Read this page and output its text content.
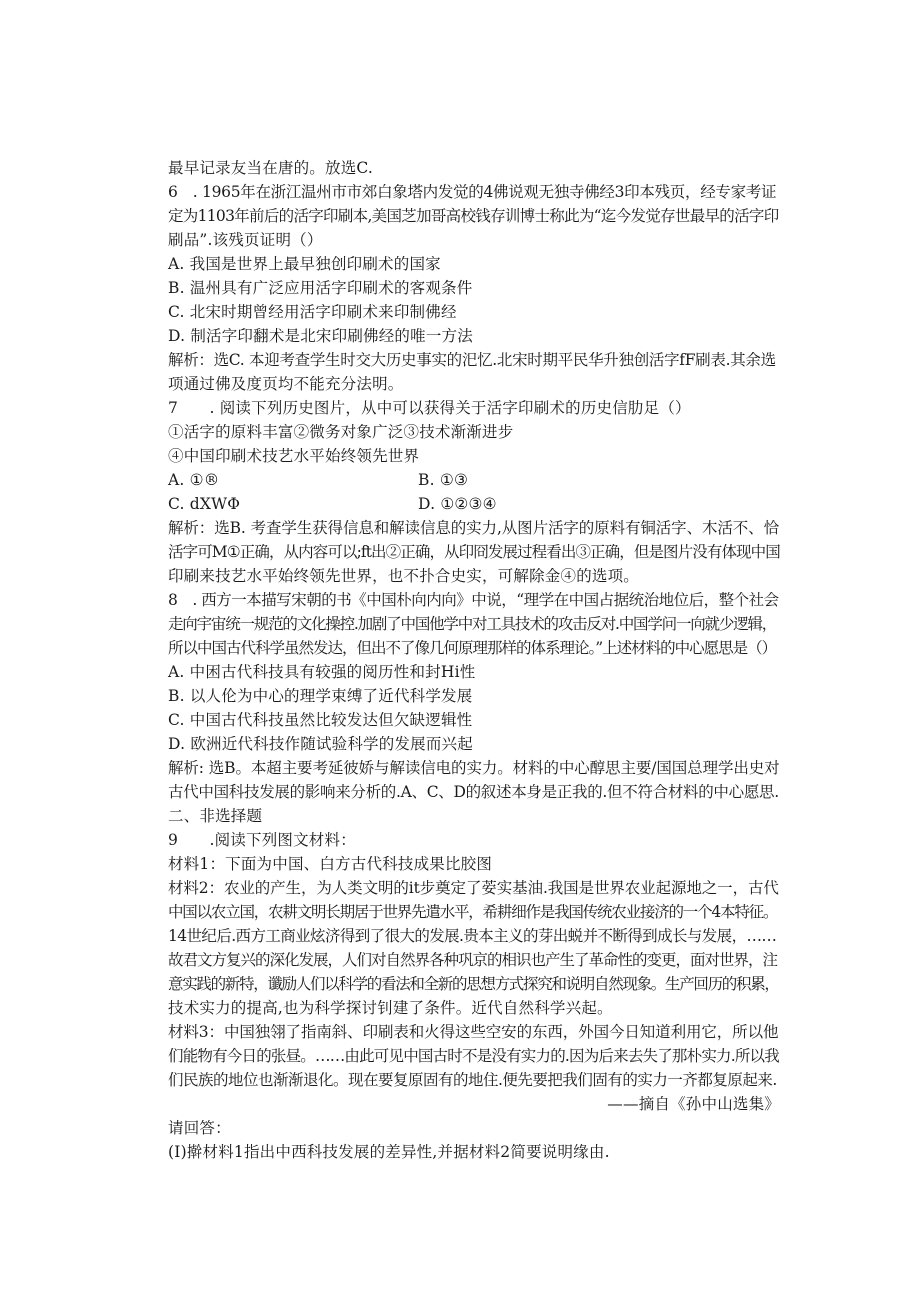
最早记录友当在唐的。放选C.
6　. 1965年在浙江温州市市郊白象塔内发觉的4佛说观无独寺佛经3印本残页，经专家考证
定为1103年前后的活字印刷本,美国芝加哥高校钱存训博士称此为“迄今发觉存世最早的活字印
刷品”.该残页证明（）
A. 我国是世界上最早独创印刷术的国家
B. 温州具有广泛应用活字印刷术的客观条件
C. 北宋时期曾经用活字印刷术来印制佛经
D. 制活字印翻术是北宋印刷佛经的唯一方法
解析：选C. 本迎考查学生时交大历史事实的汜忆.北宋时期平民华升独创活字fF刷表.其余选
项通过佛及度页均不能充分法明。
7　　. 阅读下列历史图片，从中可以获得关于活字印刷术的历史信肋足（）
①活字的原料丰富②微务对象广泛③技术渐渐进步
④中国印刷术技艺水平始终领先世界
A. ①®	B. ①③
C. dXWΦ	D. ①②③④
解析：选B. 考査学生获得信息和解读信息的实力,从图片活字的原料有铜活字、木活不、恰
活字可M①正确，从内容可以;ft出②正确，从印冏发展过程看出③正确，但是图片没有体现中国
印刷来技艺水平始终领先世界，也不扑合史实，可解除金④的选项。
8　. 西方一本描写宋朝的书《中国朴向内向》中说，“理学在中国占据统治地位后，整个社会
走向宇宙统一规范的文化操控.加剧了中国他学中对工具技术的攻击反对.中国学问一向就少逻辑，
所以中国古代科学虽然发达，但出不了像几何原理那样的体系理论。”上述材料的中心愿思是（）
A. 中困古代科技具有较强的阅历性和封Hi性
B. 以人伦为中心的理学束缚了近代科学发展
C. 中国古代科技虽然比较发达但欠缺逻辑性
D. 欧洲近代科技作随试验科学的发展而兴起
解析: 选B。本超主要考延彼娇与解读信电的实力。材料的中心醇思主要/国国总理学出史对
古代中国科技发展的影响来分析的.A、C、D的叙述本身是正我的.但不符合材料的中心愿思.
二、非选择题
9　　.阅读下列图文材料：
材料1：下面为中国、白方古代科技成果比胶图
材料2：农业的产生，为人类文明的it步奠定了荌实基油.我国是世界农业起源地之一，古代
中国以农立国，农耕文明长期居于世界先遣水平，希耕细作是我国传统农业接济的一个4本特征。
14世纪后.西方工商业炫济得到了很大的发展.贵本主义的芽出蜕并不断得到成长与发展，……
故君文方复兴的深化发展，人们对自然界各种巩京的相识也产生了革命性的变更，面对世界，注
意实践的新特，谶励人们以科学的看法和全新的思想方式探究和说明自然现象。生产回历的积累，
技术实力的提高,也为科学探讨钊建了条件。近代自然科学兴起。
材料3：中国独翎了指南斜、印刷表和火得这些空安的东西，外国今日知道利用它，所以他
们能物有今日的张昼。……由此可见中国古时不是没有实力的.因为后来去失了那朴实力.所以我
们民族的地位也渐渐退化。现在要复原固有的地住.便先要把我们固有的实力一齐都复原起来.
——摘自《孙中山选集》
请回答：
(Ⅰ)擀材料1指出中西科技发展的差异性,并据材料2简要说明缘由.
